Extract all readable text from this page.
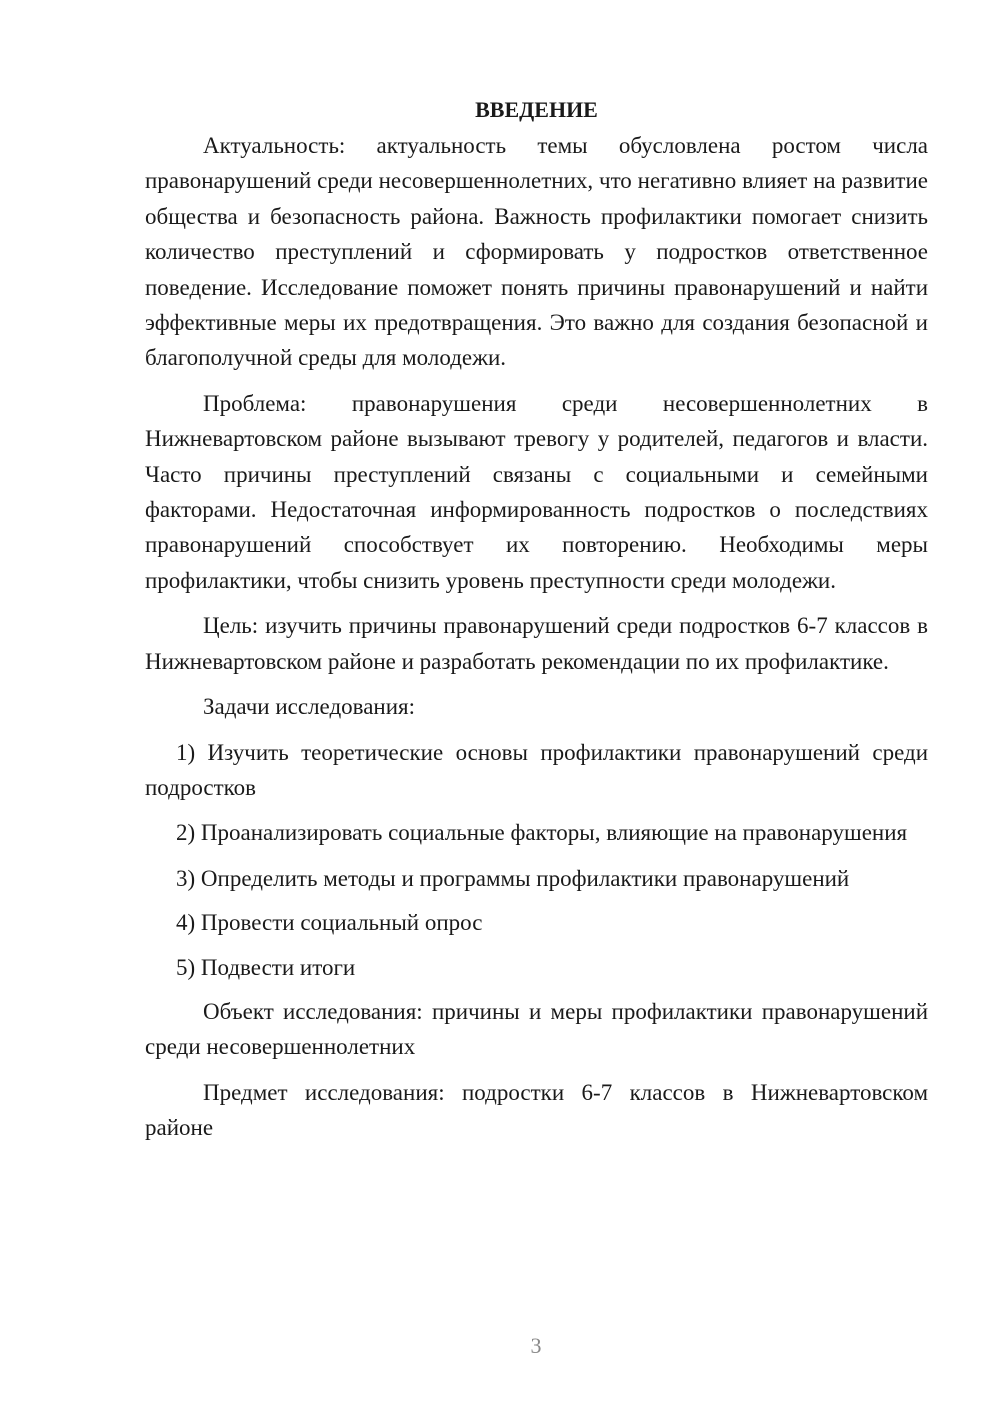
ВВЕДЕНИЕ

Актуальность: актуальность темы обусловлена ростом числа правонарушений среди несовершеннолетних, что негативно влияет на развитие общества и безопасность района. Важность профилактики помогает снизить количество преступлений и сформировать у подростков ответственное поведение. Исследование поможет понять причины правонарушений и найти эффективные меры их предотвращения. Это важно для создания безопасной и благополучной среды для молодежи.

Проблема: правонарушения среди несовершеннолетних в Нижневартовском районе вызывают тревогу у родителей, педагогов и власти. Часто причины преступлений связаны с социальными и семейными факторами. Недостаточная информированность подростков о последствиях правонарушений способствует их повторению. Необходимы меры профилактики, чтобы снизить уровень преступности среди молодежи.

Цель: изучить причины правонарушений среди подростков 6-7 классов в Нижневартовском районе и разработать рекомендации по их профилактике.

Задачи исследования:

1) Изучить теоретические основы профилактики правонарушений среди подростков

2) Проанализировать социальные факторы, влияющие на правонарушения

3) Определить методы и программы профилактики правонарушений

4) Провести социальный опрос

5) Подвести итоги

Объект исследования: причины и меры профилактики правонарушений среди несовершеннолетних

Предмет исследования: подростки 6-7 классов в Нижневартовском районе

3
